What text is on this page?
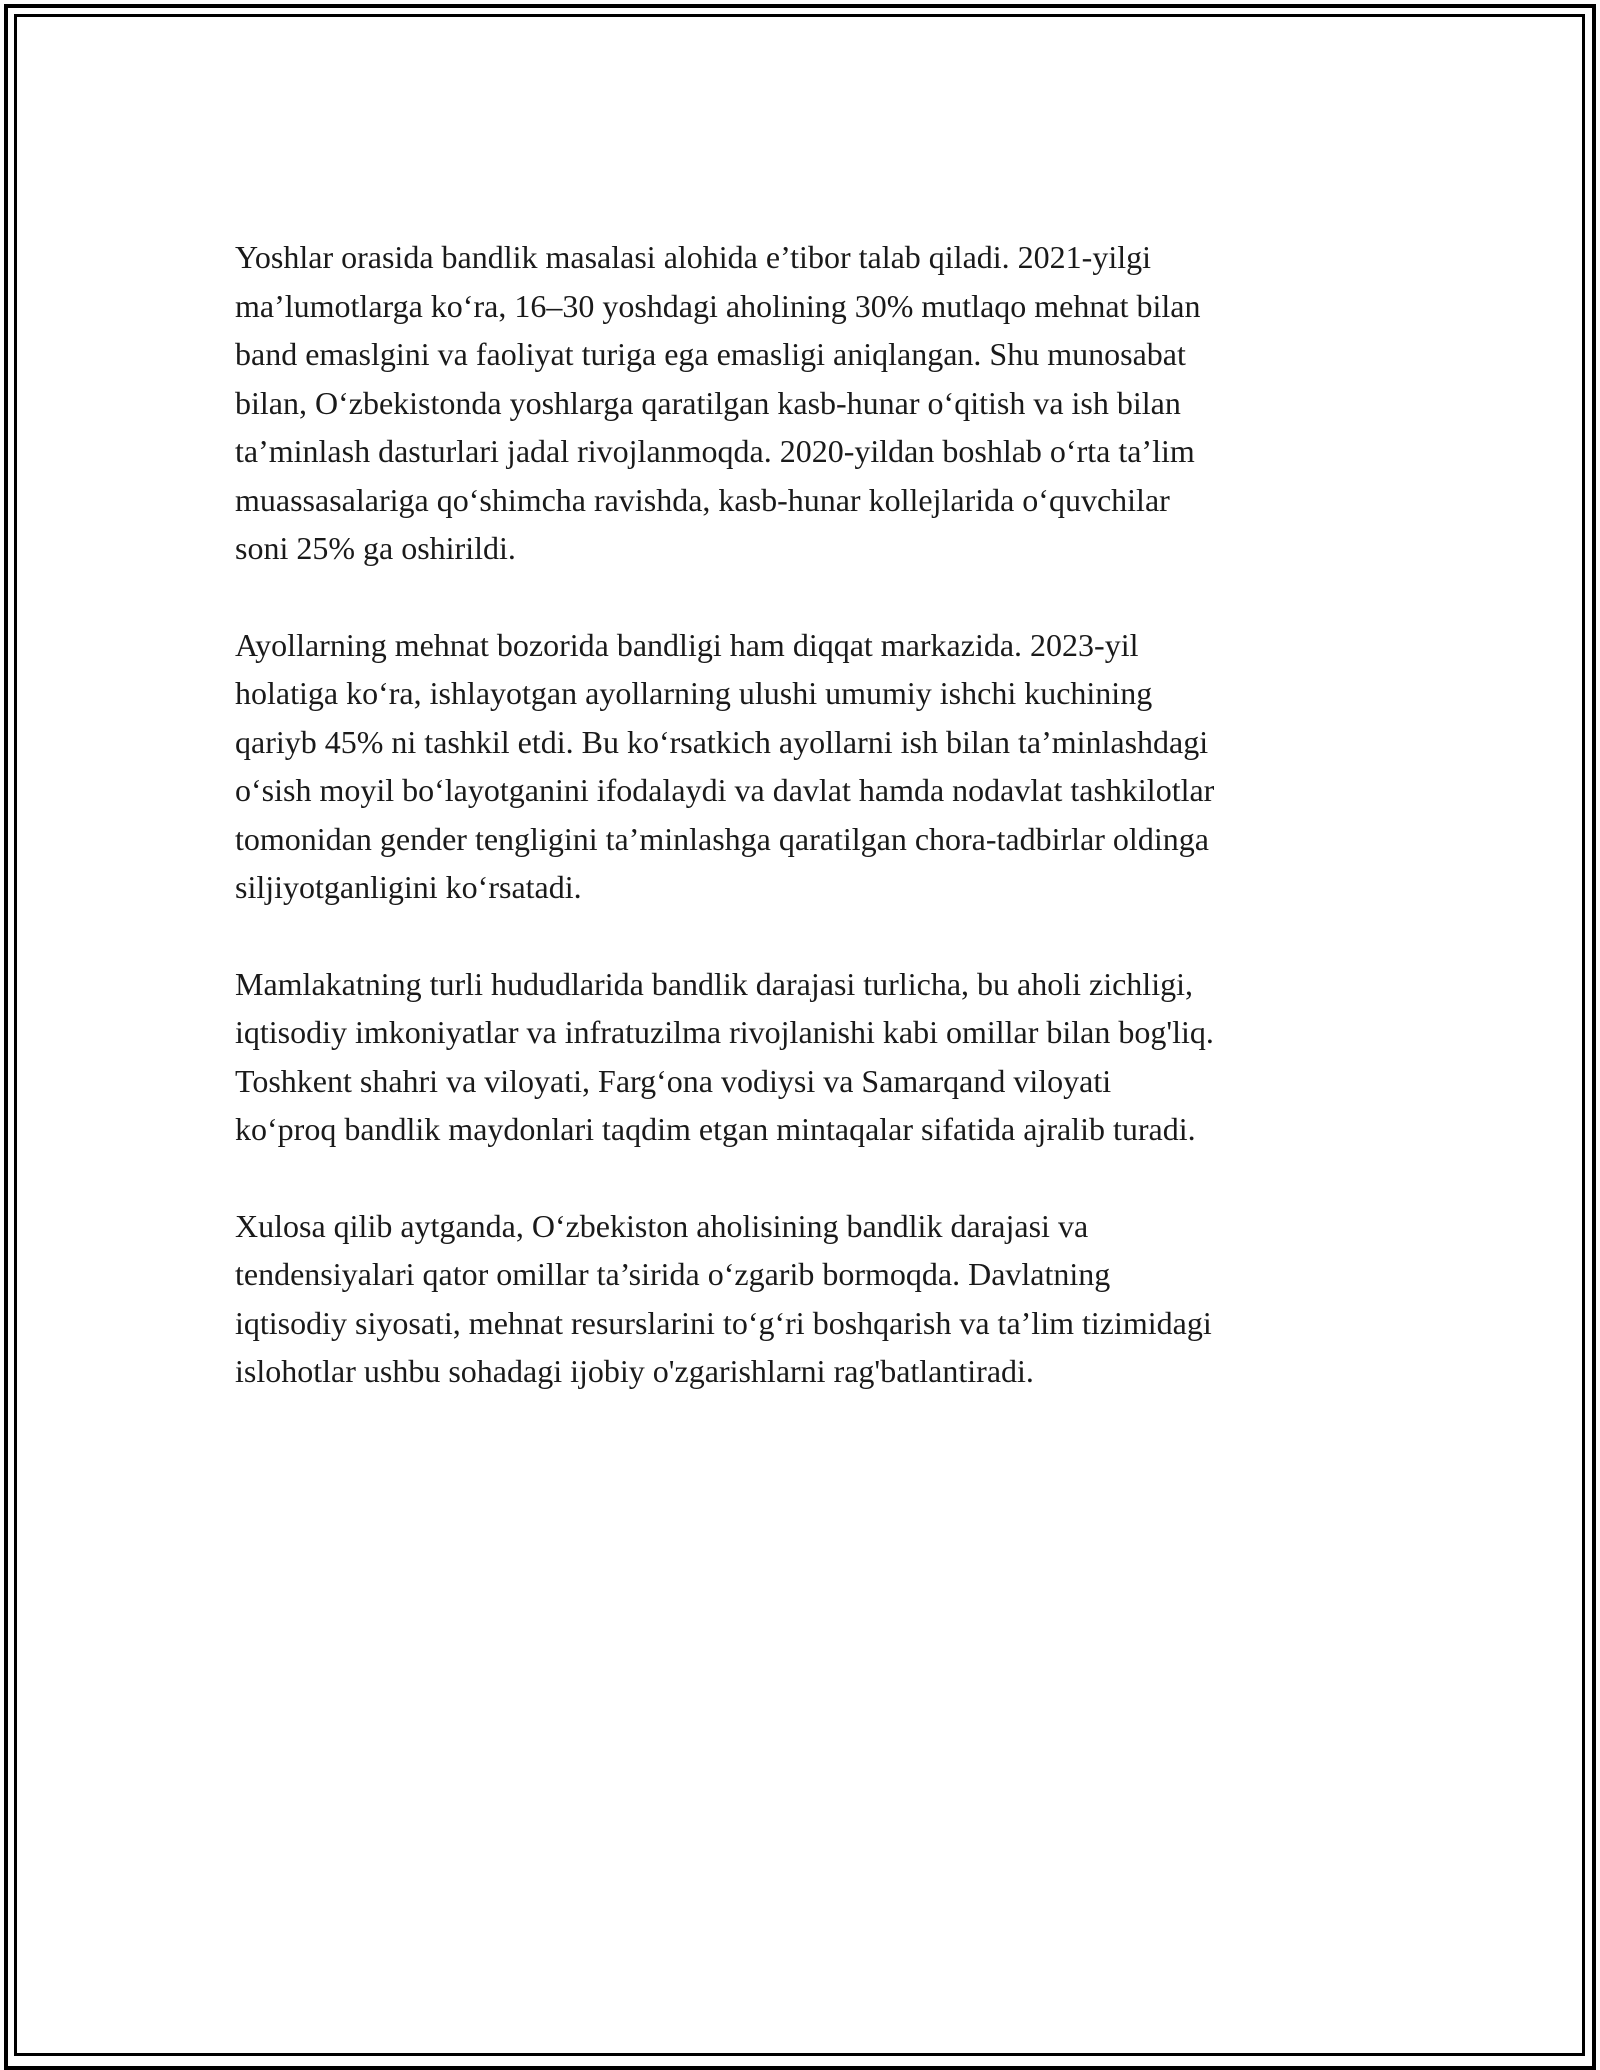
Yoshlar orasida bandlik masalasi alohida e’tibor talab qiladi. 2021-yilgi
ma’lumotlarga ko‘ra, 16–30 yoshdagi aholining 30% mutlaqo mehnat bilan
band emaslgini va faoliyat turiga ega emasligi aniqlangan. Shu munosabat
bilan, O‘zbekistonda yoshlarga qaratilgan kasb-hunar o‘qitish va ish bilan
ta’minlash dasturlari jadal rivojlanmoqda. 2020-yildan boshlab o‘rta ta’lim
muassasalariga qo‘shimcha ravishda, kasb-hunar kollejlarida o‘quvchilar
soni 25% ga oshirildi.

Ayollarning mehnat bozorida bandligi ham diqqat markazida. 2023-yil
holatiga ko‘ra, ishlayotgan ayollarning ulushi umumiy ishchi kuchining
qariyb 45% ni tashkil etdi. Bu ko‘rsatkich ayollarni ish bilan ta’minlashdagi
o‘sish moyil bo‘layotganini ifodalaydi va davlat hamda nodavlat tashkilotlar
tomonidan gender tengligini ta’minlashga qaratilgan chora-tadbirlar oldinga
siljiyotganligini ko‘rsatadi.

Mamlakatning turli hududlarida bandlik darajasi turlicha, bu aholi zichligi,
iqtisodiy imkoniyatlar va infratuzilma rivojlanishi kabi omillar bilan bog'liq.
Toshkent shahri va viloyati, Farg‘ona vodiysi va Samarqand viloyati
ko‘proq bandlik maydonlari taqdim etgan mintaqalar sifatida ajralib turadi.

Xulosa qilib aytganda, O‘zbekiston aholisining bandlik darajasi va
tendensiyalari qator omillar ta’sirida o‘zgarib bormoqda. Davlatning
iqtisodiy siyosati, mehnat resurslarini to‘g‘ri boshqarish va ta’lim tizimidagi
islohotlar ushbu sohadagi ijobiy o'zgarishlarni rag'batlantiradi.
